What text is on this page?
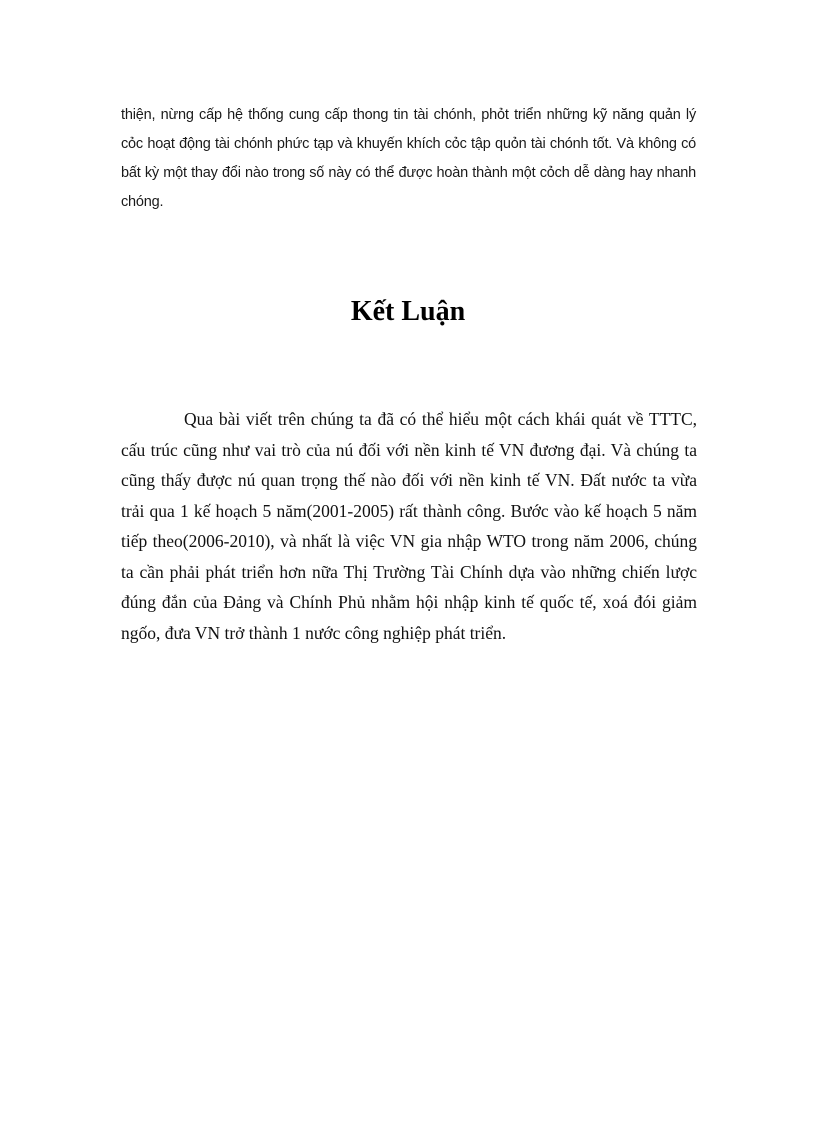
thiện, nừng cấp hệ thống cung cấp thong tin tài chónh, phỏt triển những kỹ năng quản lý cỏc hoạt động tài chónh phức tạp và khuyến khích cỏc tập quỏn tài chónh tốt. Và không có bất kỳ một thay đổi nào trong số này có thể được hoàn thành một cỏch dễ dàng hay nhanh chóng.

Kết Luận

Qua bài viết trên chúng ta đã có thể hiểu một cách khái quát về TTTC, cấu trúc cũng như vai trò của nú đối với nền kinh tế VN đương đại. Và chúng ta cũng thấy được nú quan trọng thế nào đối với nền kinh tế VN. Đất nước ta vừa trải qua 1 kế hoạch 5 năm(2001-2005) rất thành công. Bước vào kế hoạch 5 năm tiếp theo(2006-2010), và nhất là việc VN gia nhập WTO trong năm 2006, chúng ta cần phải phát triển hơn nữa Thị Trường Tài Chính dựa vào những chiến lược đúng đắn của Đảng và Chính Phủ nhằm hội nhập kinh tế quốc tế, xoá đói giảm ngốo, đưa VN trở thành 1 nước công nghiệp phát triển.
